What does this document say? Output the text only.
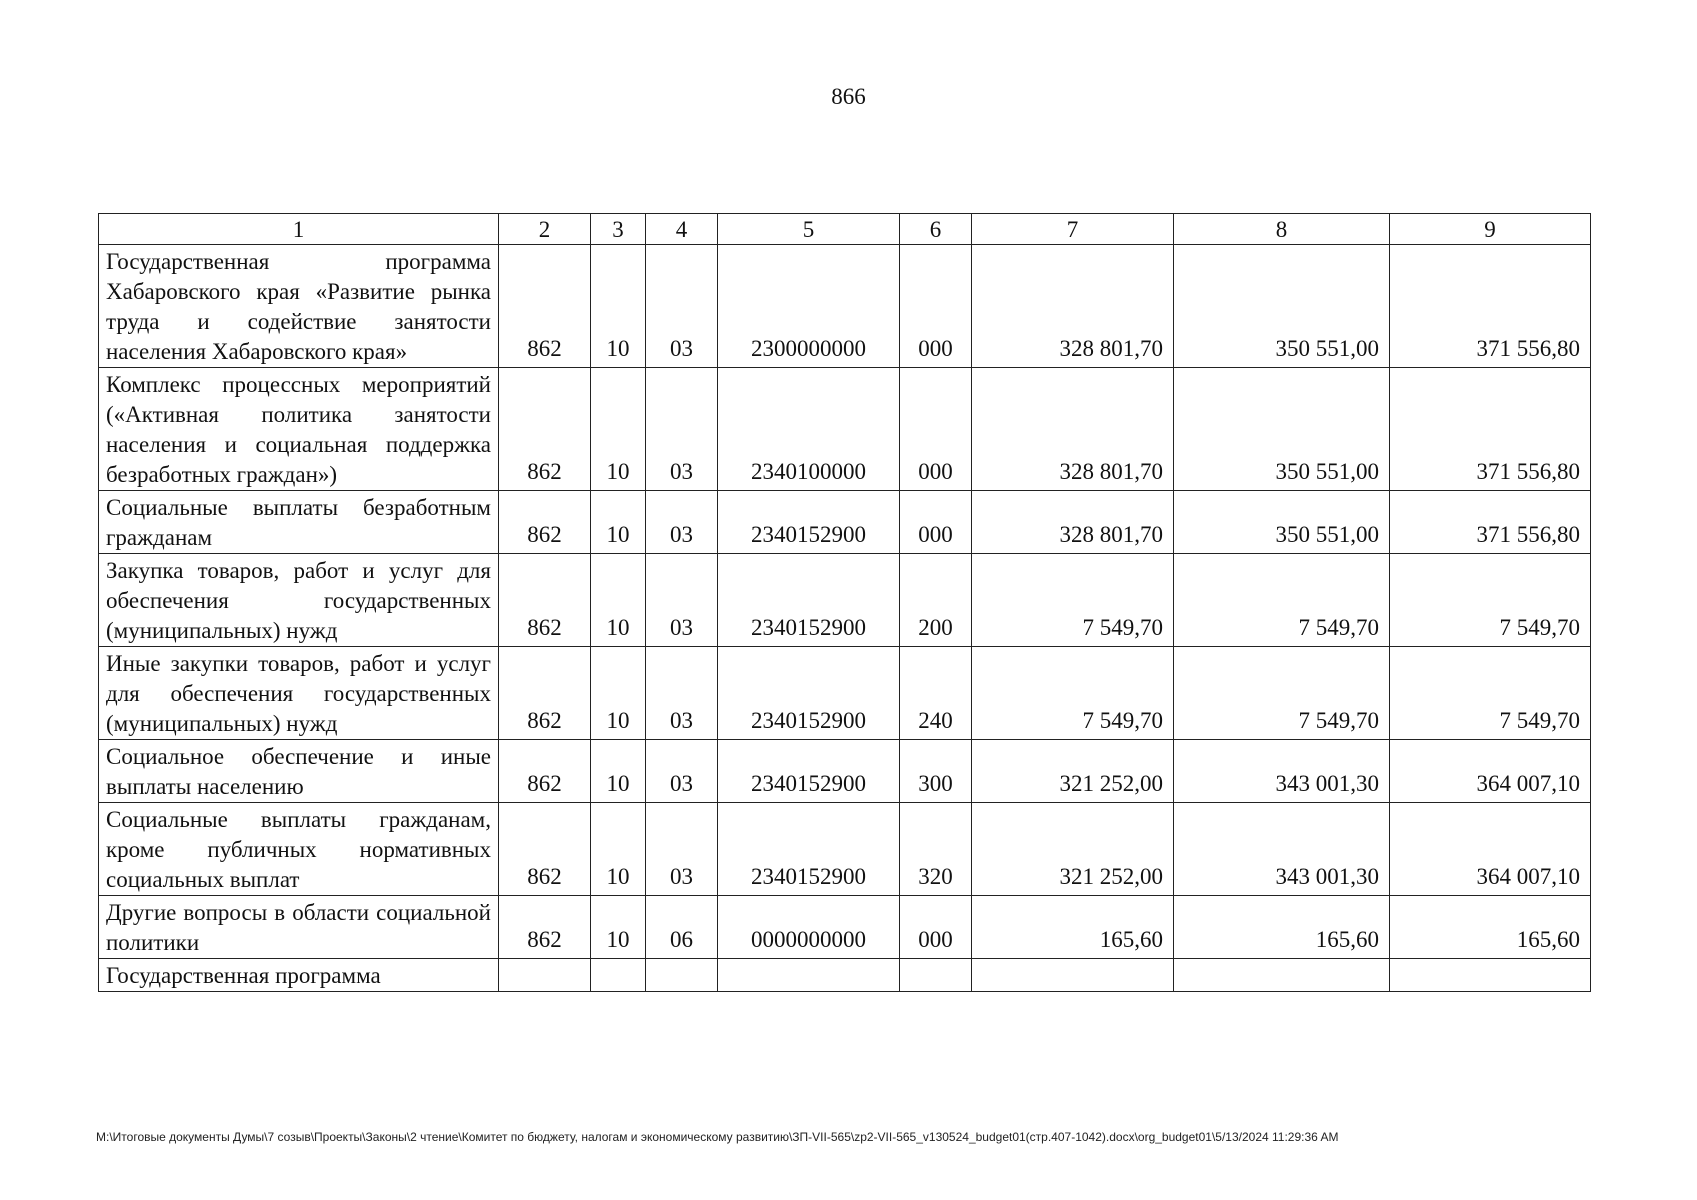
866
1	2	3	4	5	6	7	8	9
Государственная программа Хабаровского края «Развитие рынка труда и содействие занятости населения Хабаровского края»	862	10	03	2300000000	000	328 801,70	350 551,00	371 556,80
Комплекс процессных мероприятий («Активная политика занятости населения и социальная поддержка безработных граждан»)	862	10	03	2340100000	000	328 801,70	350 551,00	371 556,80
Социальные выплаты безработным гражданам	862	10	03	2340152900	000	328 801,70	350 551,00	371 556,80
Закупка товаров, работ и услуг для обеспечения государственных (муниципальных) нужд	862	10	03	2340152900	200	7 549,70	7 549,70	7 549,70
Иные закупки товаров, работ и услуг для обеспечения государственных (муниципальных) нужд	862	10	03	2340152900	240	7 549,70	7 549,70	7 549,70
Социальное обеспечение и иные выплаты населению	862	10	03	2340152900	300	321 252,00	343 001,30	364 007,10
Социальные выплаты гражданам, кроме публичных нормативных социальных выплат	862	10	03	2340152900	320	321 252,00	343 001,30	364 007,10
Другие вопросы в области социальной политики	862	10	06	0000000000	000	165,60	165,60	165,60
Государственная программа								
M:\Итоговые документы Думы\7 созыв\Проекты\Законы\2 чтение\Комитет по бюджету, налогам и экономическому развитию\ЗП-VII-565\zp2-VII-565_v130524_budget01(стр.407-1042).docx\org_budget01\5/13/2024 11:29:36 AM
